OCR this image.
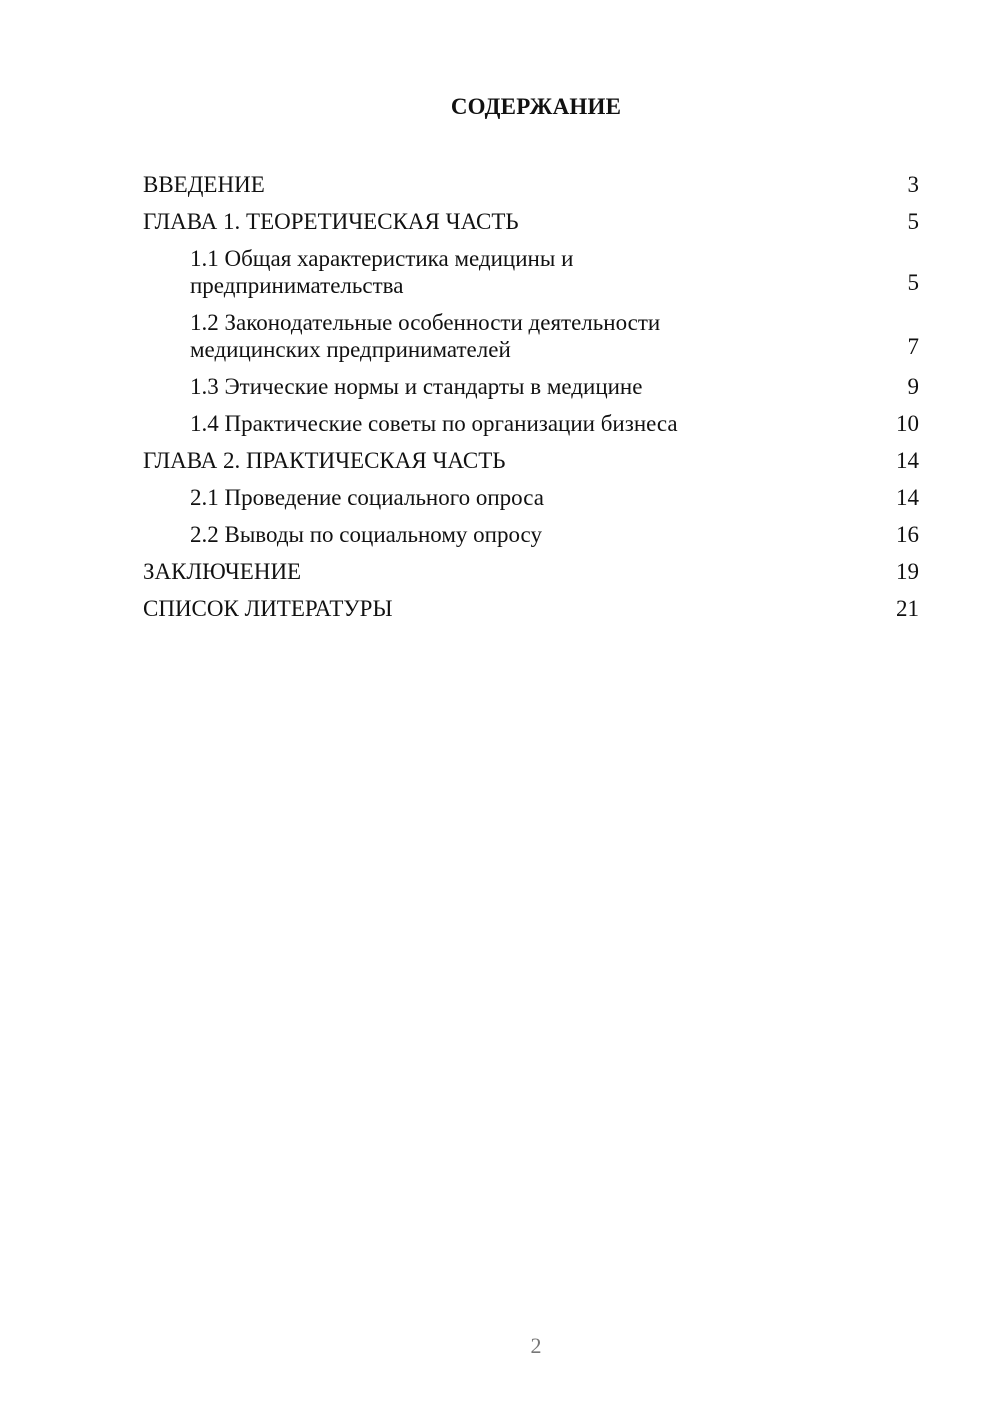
СОДЕРЖАНИЕ
ВВЕДЕНИЕ	3
ГЛАВА 1. ТЕОРЕТИЧЕСКАЯ ЧАСТЬ	5
1.1 Общая характеристика медицины и предпринимательства	5
1.2 Законодательные особенности деятельности медицинских предпринимателей	7
1.3 Этические нормы и стандарты в медицине	9
1.4 Практические советы по организации бизнеса	10
ГЛАВА 2. ПРАКТИЧЕСКАЯ ЧАСТЬ	14
2.1 Проведение социального опроса	14
2.2 Выводы по социальному опросу	16
ЗАКЛЮЧЕНИЕ	19
СПИСОК ЛИТЕРАТУРЫ	21
2
